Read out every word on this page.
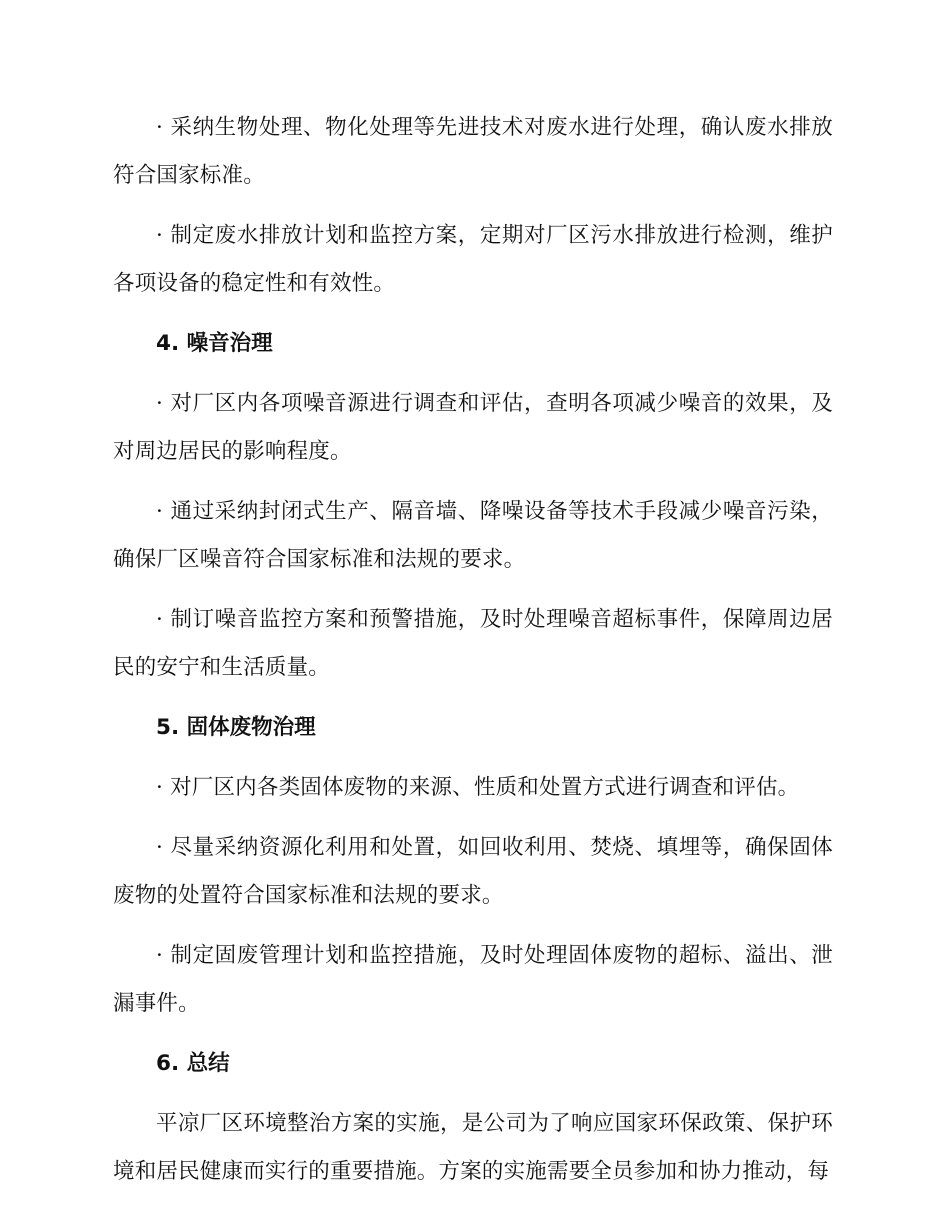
· 采纳生物处理、物化处理等先进技术对废水进行处理，确认废水排放符合国家标准。

· 制定废水排放计划和监控方案，定期对厂区污水排放进行检测，维护各项设备的稳定性和有效性。

4. 噪音治理

· 对厂区内各项噪音源进行调查和评估，查明各项减少噪音的效果，及对周边居民的影响程度。

· 通过采纳封闭式生产、隔音墙、降噪设备等技术手段减少噪音污染，确保厂区噪音符合国家标准和法规的要求。

· 制订噪音监控方案和预警措施，及时处理噪音超标事件，保障周边居民的安宁和生活质量。

5. 固体废物治理

· 对厂区内各类固体废物的来源、性质和处置方式进行调查和评估。

· 尽量采纳资源化利用和处置，如回收利用、焚烧、填埋等，确保固体废物的处置符合国家标准和法规的要求。

· 制定固废管理计划和监控措施，及时处理固体废物的超标、溢出、泄漏事件。

6. 总结

平凉厂区环境整治方案的实施，是公司为了响应国家环保政策、保护环境和居民健康而实行的重要措施。方案的实施需要全员参加和协力推动，每
